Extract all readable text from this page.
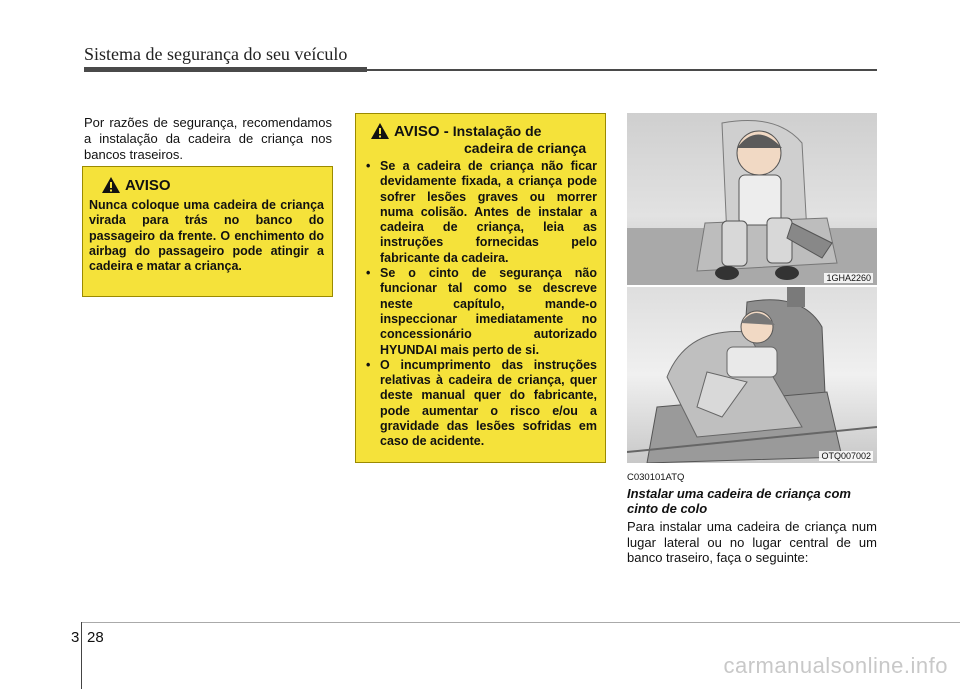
Sistema de segurança do seu veículo
Por razões de segurança, recomendamos a instalação da cadeira de criança nos bancos traseiros.
AVISO
Nunca coloque uma cadeira de criança virada para trás no banco do passageiro da frente. O enchimento do airbag do passageiro pode atingir a cadeira e matar a criança.
AVISO - Instalação de
cadeira de criança
• Se a cadeira de criança não ficar devidamente fixada, a criança pode sofrer lesões graves ou morrer numa colisão. Antes de instalar a cadeira de criança, leia as instruções fornecidas pelo fabricante da cadeira.
• Se o cinto de segurança não funcionar tal como se descreve neste capítulo, mande-o inspeccionar imediatamente no concessionário autorizado HYUNDAI mais perto de si.
• O incumprimento das instruções relativas à cadeira de criança, quer deste manual quer do fabricante, pode aumentar o risco e/ou a gravidade das lesões sofridas em caso de acidente.
1GHA2260
OTQ007002
C030101ATQ
Instalar uma cadeira de criança com cinto de colo
Para instalar uma cadeira de criança num lugar lateral ou no lugar central de um banco traseiro, faça o seguinte:
3 28
carmanualsonline.info
